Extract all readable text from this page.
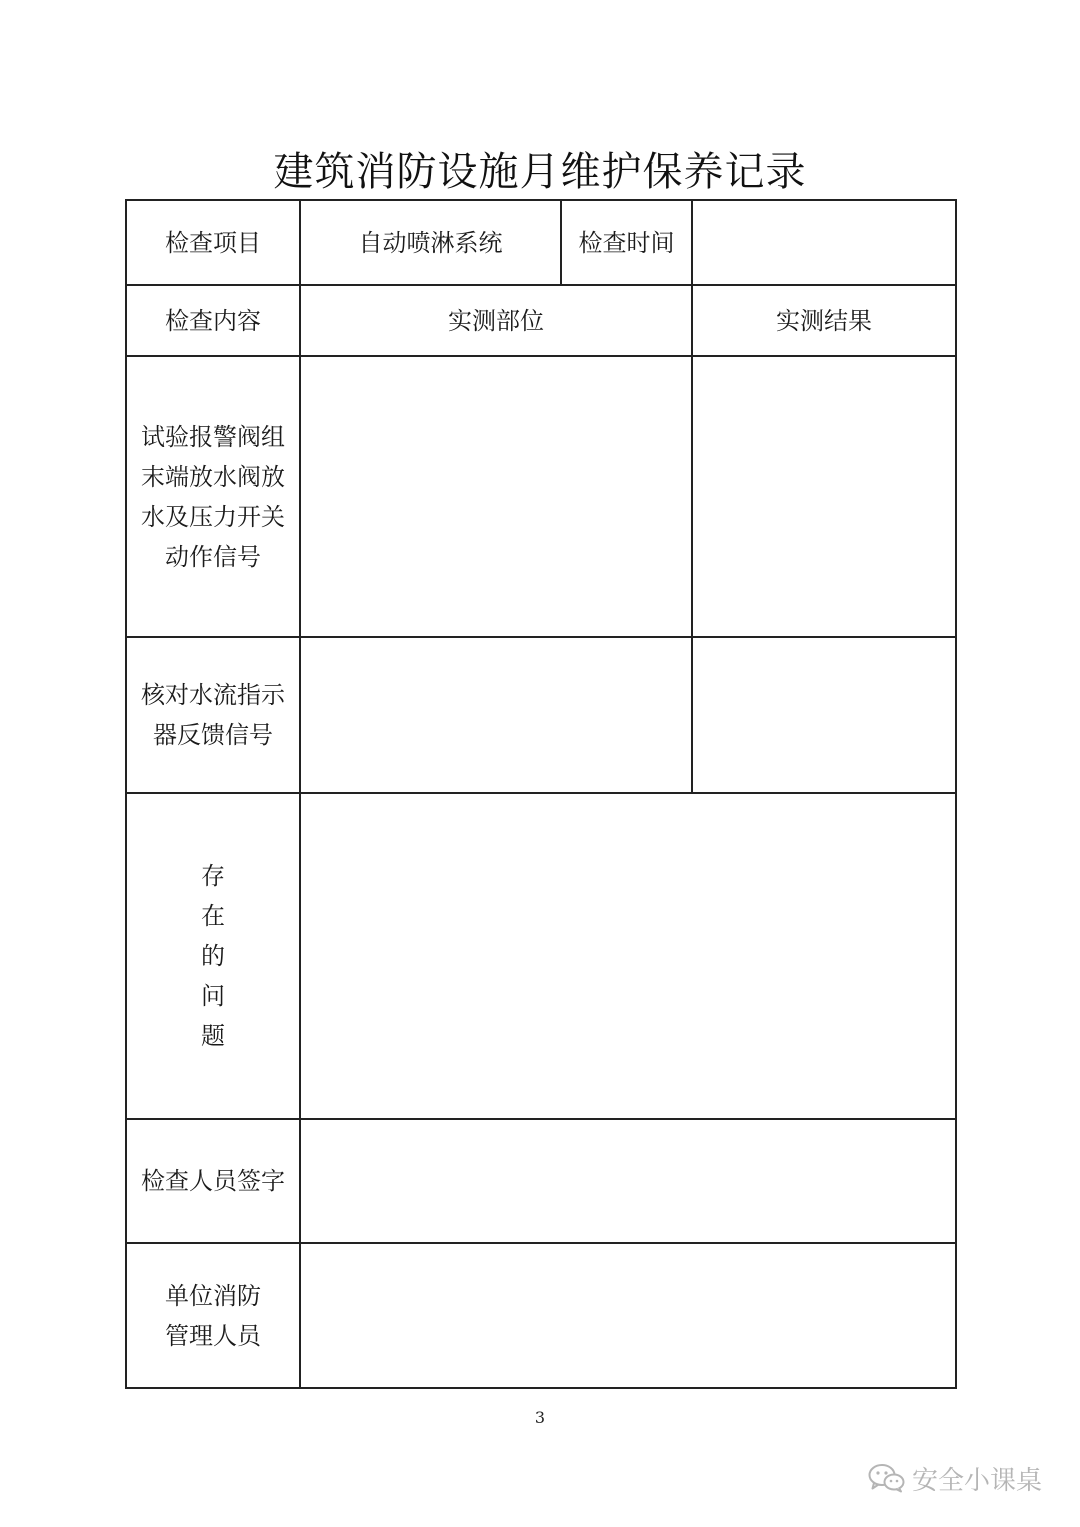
建筑消防设施月维护保养记录
检查项目	自动喷淋系统	检查时间	
检查内容	实测部位		实测结果
试验报警阀组
末端放水阀放
水及压力开关
动作信号			
核对水流指示
器反馈信号			
存
在
的
问
题			
检查人员签字			
单位消防
管理人员			
3
安全小课桌
